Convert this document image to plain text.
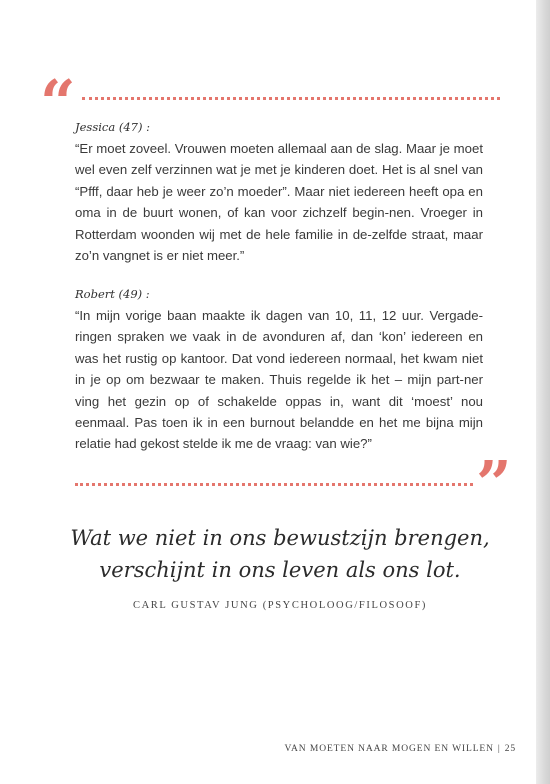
“ Jessica (47) :

“Er moet zoveel. Vrouwen moeten allemaal aan de slag. Maar je moet wel even zelf verzinnen wat je met je kinderen doet. Het is al snel van “Pfff, daar heb je weer zo’n moeder”. Maar niet iedereen heeft opa en oma in de buurt wonen, of kan voor zichzelf begin-nen. Vroeger in Rotterdam woonden wij met de hele familie in de-zelfde straat, maar zo’n vangnet is er niet meer.”

Robert (49) :

“In mijn vorige baan maakte ik dagen van 10, 11, 12 uur. Vergade-ringen spraken we vaak in de avonduren af, dan ‘kon’ iedereen en was het rustig op kantoor. Dat vond iedereen normaal, het kwam niet in je op om bezwaar te maken. Thuis regelde ik het – mijn part-ner ving het gezin op of schakelde oppas in, want dit ‘moest’ nou eenmaal. Pas toen ik in een burnout belandde en het me bijna mijn relatie had gekost stelde ik me de vraag: van wie?”

”

Wat we niet in ons bewustzijn brengen,

verschijnt in ons leven als ons lot.

CARL GUSTAV JUNG (PSYCHOLOOG/FILOSOOF)
VAN MOETEN NAAR MOGEN EN WILLEN | 25
